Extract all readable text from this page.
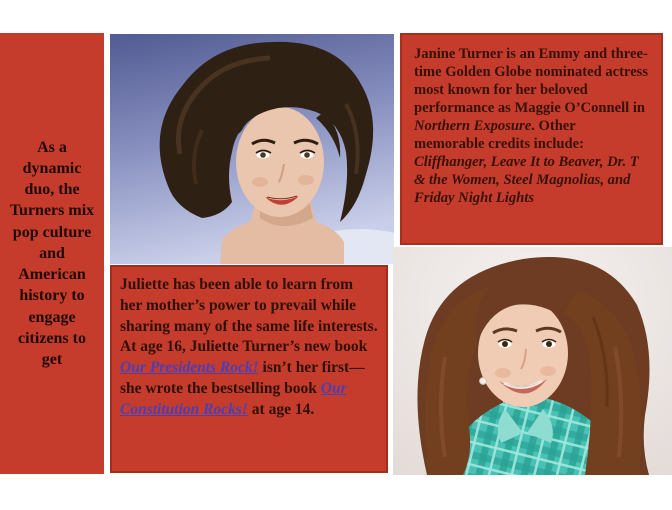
As a dynamic duo, the Turners mix pop culture and American history to engage citizens to get

Juliette has been able to learn from her mother’s power to prevail while sharing many of the same life interests. At age 16, Juliette Turner’s new book Our Presidents Rock! isn’t her first—she wrote the bestselling book Our Constitution Rocks! at age 14.

Janine Turner is an Emmy and three-time Golden Globe nominated actress most known for her beloved performance as Maggie O’Connell in Northern Exposure. Other memorable credits include: Cliffhanger, Leave It to Beaver, Dr. T & the Women, Steel Magnolias, and Friday Night Lights
